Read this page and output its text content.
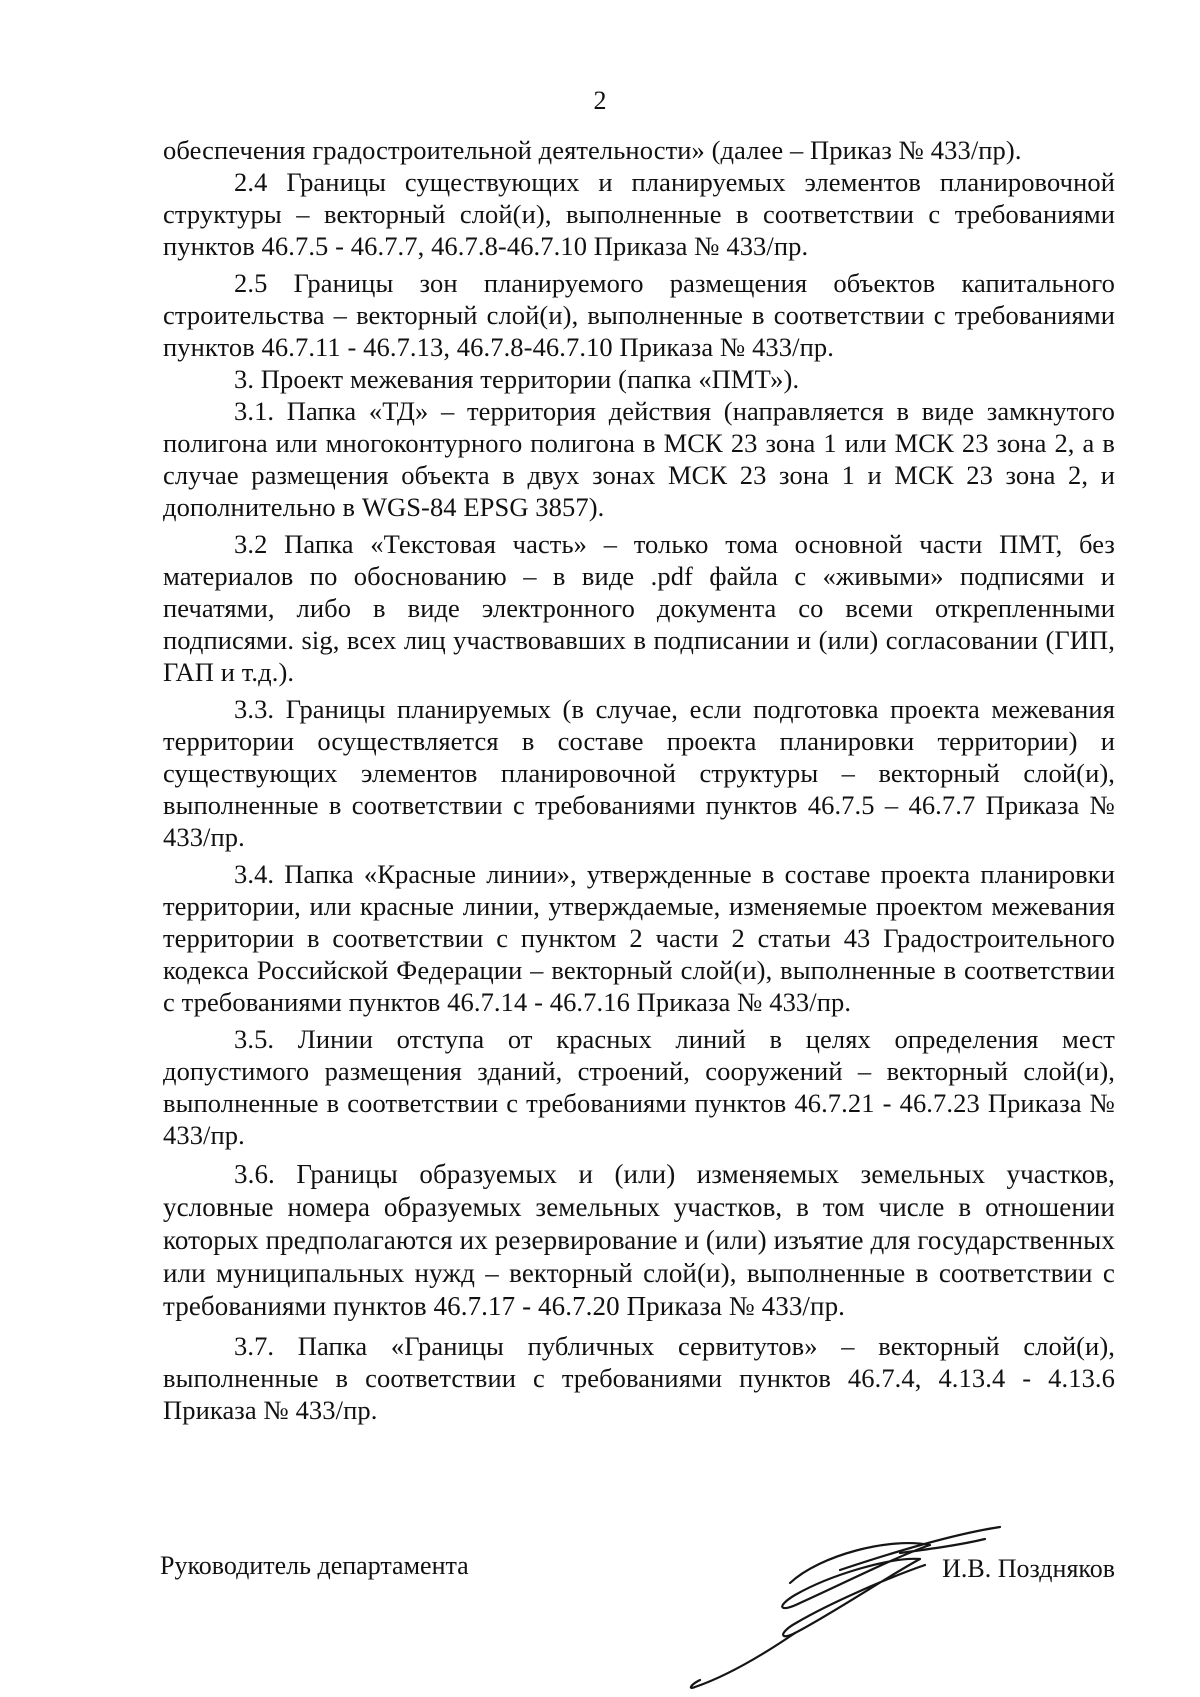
2

обеспечения градостроительной деятельности» (далее – Приказ № 433/пр).

2.4 Границы существующих и планируемых элементов планировочной структуры – векторный слой(и), выполненные в соответствии с требованиями пунктов 46.7.5 - 46.7.7, 46.7.8-46.7.10 Приказа № 433/пр.

2.5 Границы зон планируемого размещения объектов капитального строительства – векторный слой(и), выполненные в соответствии с требованиями пунктов 46.7.11 - 46.7.13, 46.7.8-46.7.10 Приказа № 433/пр.

3. Проект межевания территории (папка «ПМТ»).

3.1. Папка «ТД» – территория действия (направляется в виде замкнутого полигона или многоконтурного полигона в МСК 23 зона 1 или МСК 23 зона 2, а в случае размещения объекта в двух зонах МСК 23 зона 1 и МСК 23 зона 2, и дополнительно в WGS-84 EPSG 3857).

3.2 Папка «Текстовая часть» – только тома основной части ПМТ, без материалов по обоснованию – в виде .pdf файла с «живыми» подписями и печатями, либо в виде электронного документа со всеми открепленными подписями. sig, всех лиц участвовавших в подписании и (или) согласовании (ГИП, ГАП и т.д.).

3.3. Границы планируемых (в случае, если подготовка проекта межевания территории осуществляется в составе проекта планировки территории) и существующих элементов планировочной структуры – векторный слой(и), выполненные в соответствии с требованиями пунктов 46.7.5 – 46.7.7 Приказа № 433/пр.

3.4. Папка «Красные линии», утвержденные в составе проекта планировки территории, или красные линии, утверждаемые, изменяемые проектом межевания территории в соответствии с пунктом 2 части 2 статьи 43 Градостроительного кодекса Российской Федерации – векторный слой(и), выполненные в соответствии с требованиями пунктов 46.7.14 - 46.7.16 Приказа № 433/пр.

3.5. Линии отступа от красных линий в целях определения мест допустимого размещения зданий, строений, сооружений – векторный слой(и), выполненные в соответствии с требованиями пунктов 46.7.21 - 46.7.23 Приказа № 433/пр.

3.6. Границы образуемых и (или) изменяемых земельных участков, условные номера образуемых земельных участков, в том числе в отношении которых предполагаются их резервирование и (или) изъятие для государственных или муниципальных нужд – векторный слой(и), выполненные в соответствии с требованиями пунктов 46.7.17 - 46.7.20 Приказа № 433/пр.

3.7. Папка «Границы публичных сервитутов» – векторный слой(и), выполненные в соответствии с требованиями пунктов 46.7.4, 4.13.4 - 4.13.6 Приказа № 433/пр.

Руководитель департамента	И.В. Поздняков
